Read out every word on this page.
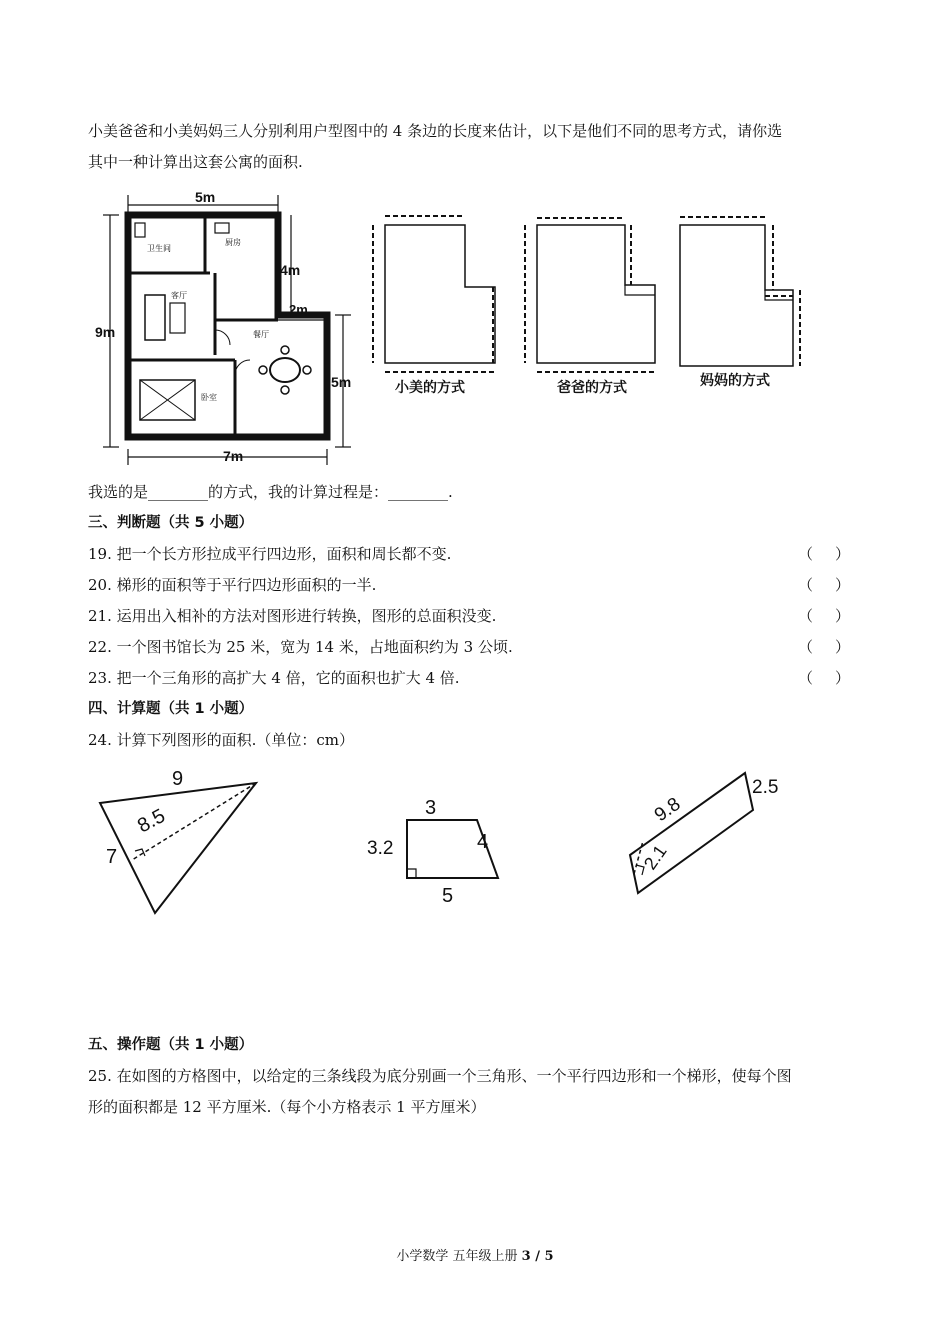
小美爸爸和小美妈妈三人分别利用户型图中的 4 条边的长度来估计，以下是他们不同的思考方式，请你选
其中一种计算出这套公寓的面积.
5m
9m
7m
4m
2m
5m
卫生间
厨房
客厅
餐厅
卧室
小美的方式	爸爸的方式	妈妈的方式
我选的是________的方式，我的计算过程是：________.
三、判断题（共 5 小题）
19. 把一个长方形拉成平行四边形，面积和周长都不变.	（ ）
20. 梯形的面积等于平行四边形面积的一半.	（ ）
21. 运用出入相补的方法对图形进行转换，图形的总面积没变.	（ ）
22. 一个图书馆长为 25 米，宽为 14 米，占地面积约为 3 公顷.	（ ）
23. 把一个三角形的高扩大 4 倍，它的面积也扩大 4 倍.	（ ）
四、计算题（共 1 小题）
24. 计算下列图形的面积.（单位：cm）
9
8.5
7
3
3.2	4
5
9.8
2.5
2.1
五、操作题（共 1 小题）
25. 在如图的方格图中，以给定的三条线段为底分别画一个三角形、一个平行四边形和一个梯形，使每个图
形的面积都是 12 平方厘米.（每个小方格表示 1 平方厘米）
小学数学 五年级上册 3 / 5
